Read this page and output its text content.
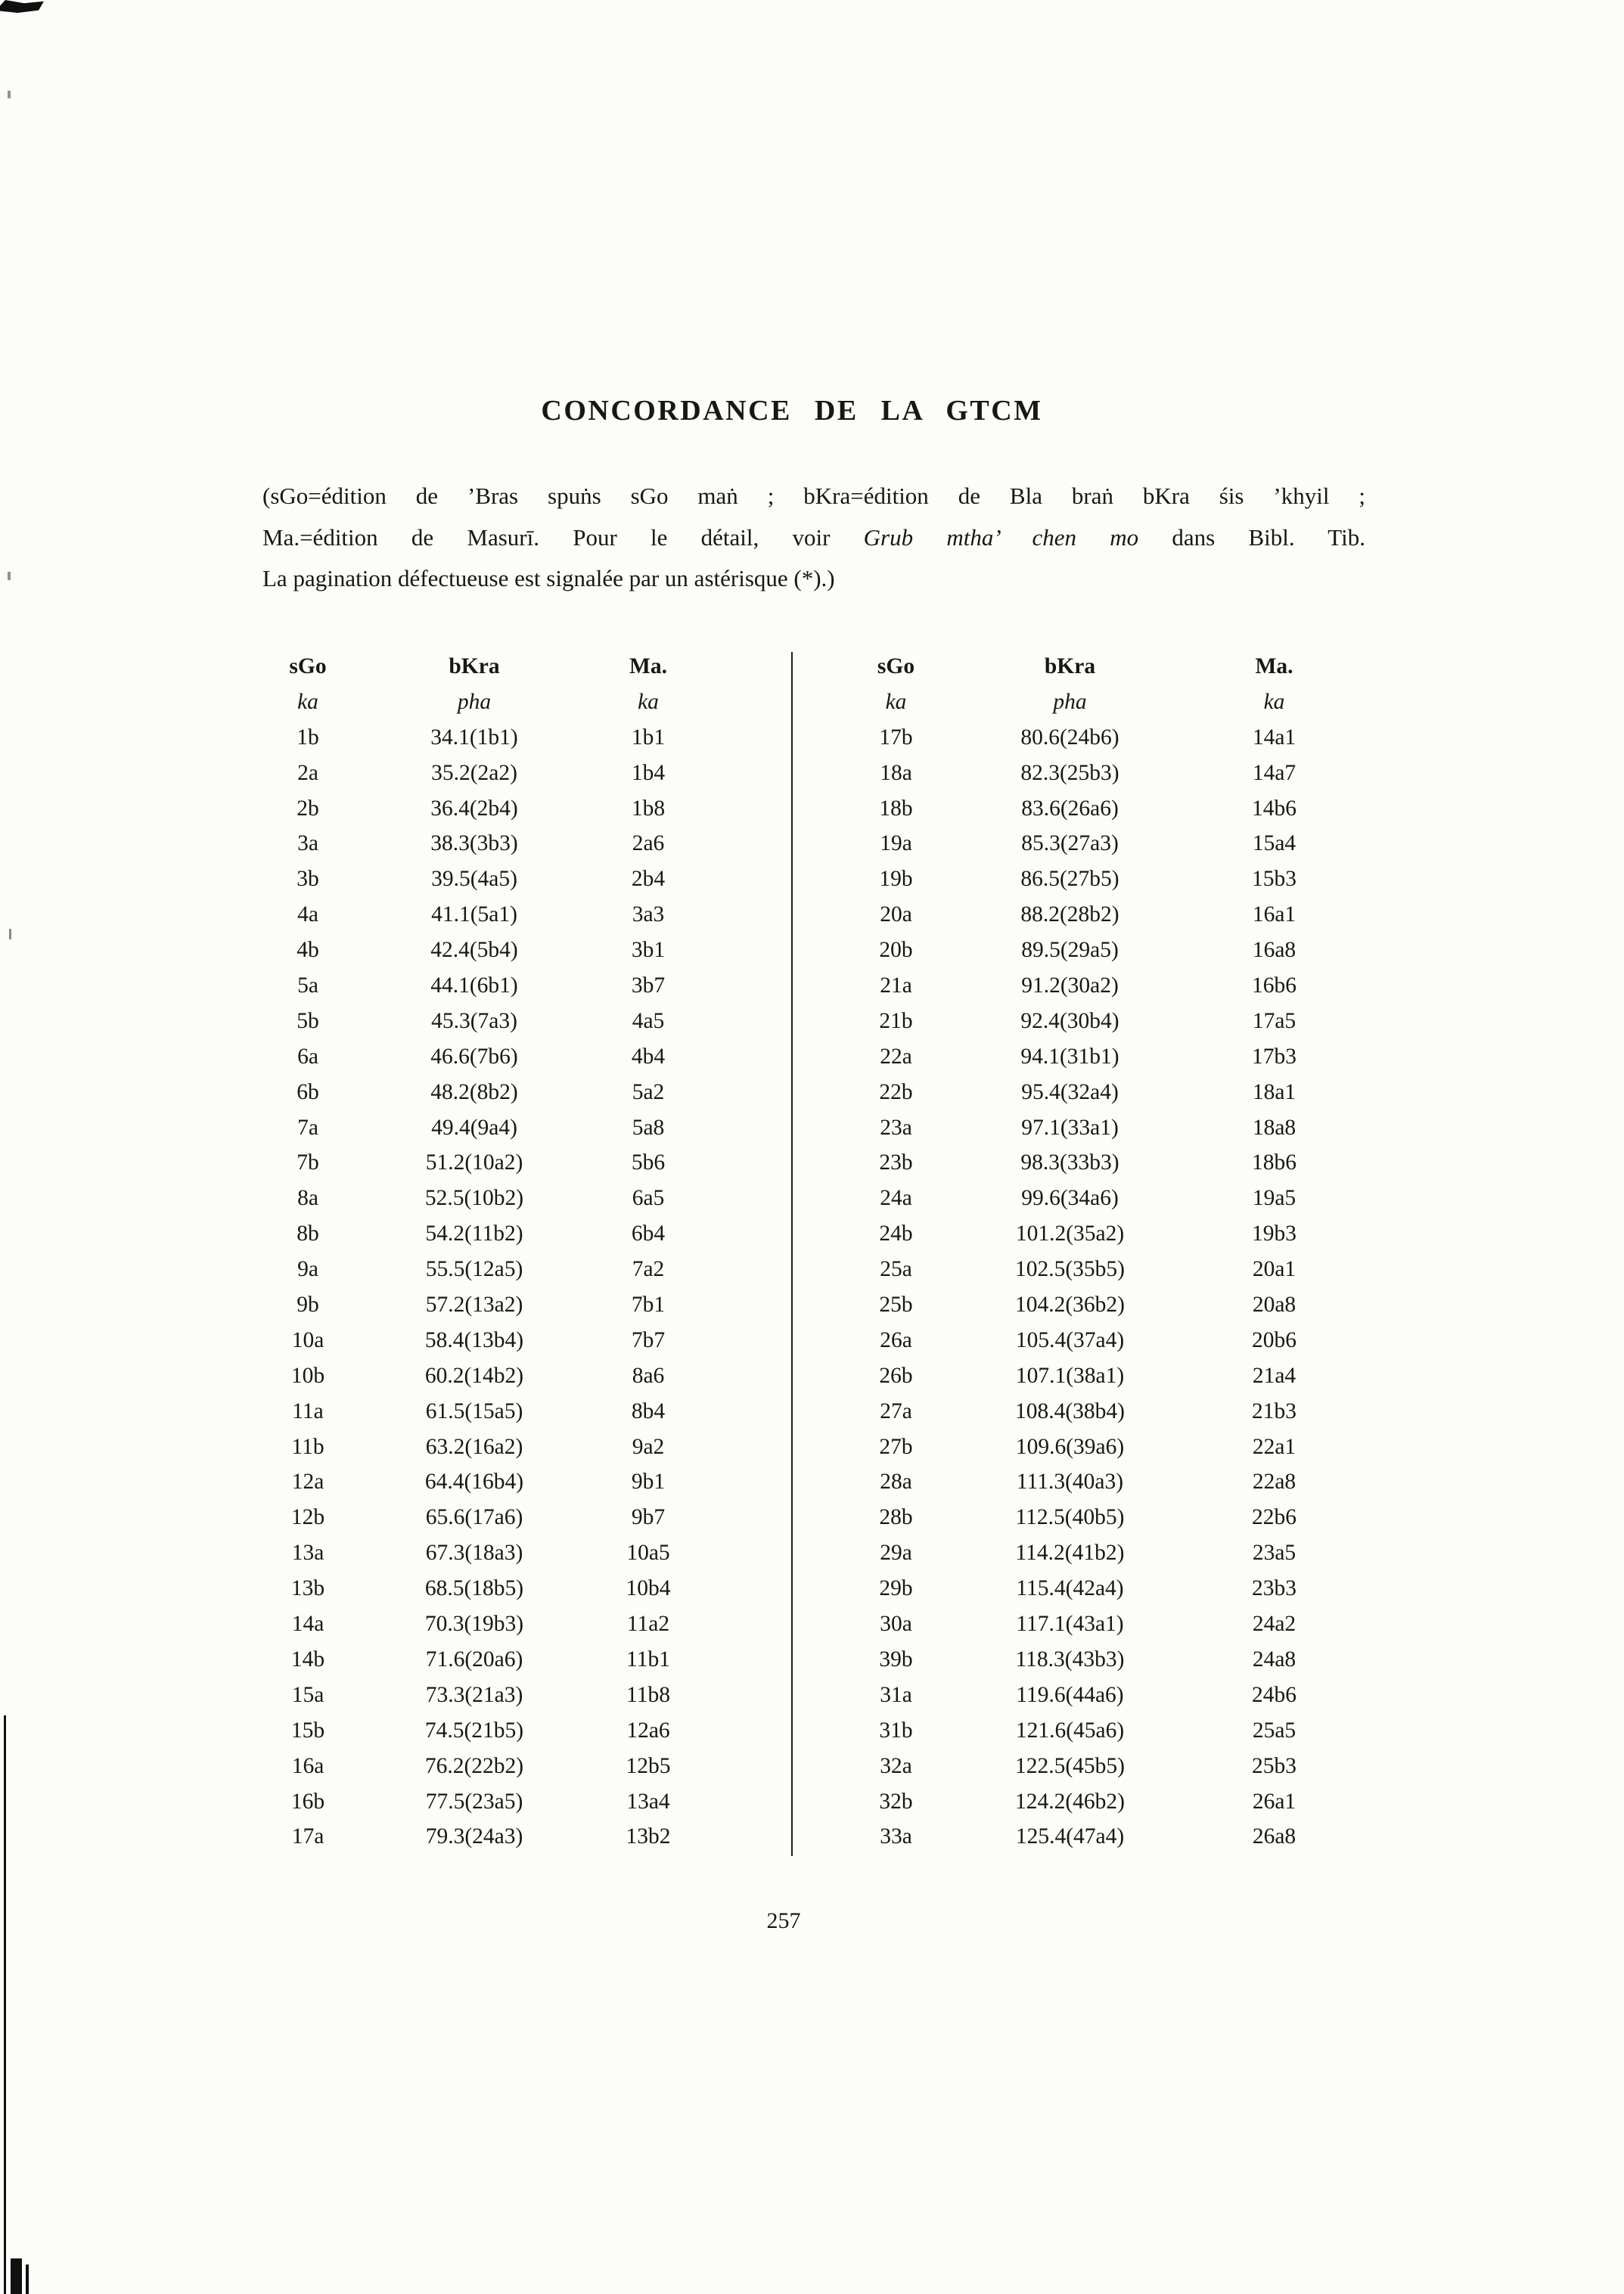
CONCORDANCE DE LA GTCM
(sGo=édition de ’Bras spuṅs sGo maṅ ; bKra=édition de Bla braṅ bKra śis ’khyil ;
Ma.=édition de Masurī. Pour le détail, voir Grub mtha’ chen mo dans Bibl. Tib.
La pagination défectueuse est signalée par un astérisque (*).)
sGo	bKra	Ma.
ka	pha	ka
1b	34.1(1b1)	1b1
2a	35.2(2a2)	1b4
2b	36.4(2b4)	1b8
3a	38.3(3b3)	2a6
3b	39.5(4a5)	2b4
4a	41.1(5a1)	3a3
4b	42.4(5b4)	3b1
5a	44.1(6b1)	3b7
5b	45.3(7a3)	4a5
6a	46.6(7b6)	4b4
6b	48.2(8b2)	5a2
7a	49.4(9a4)	5a8
7b	51.2(10a2)	5b6
8a	52.5(10b2)	6a5
8b	54.2(11b2)	6b4
9a	55.5(12a5)	7a2
9b	57.2(13a2)	7b1
10a	58.4(13b4)	7b7
10b	60.2(14b2)	8a6
11a	61.5(15a5)	8b4
11b	63.2(16a2)	9a2
12a	64.4(16b4)	9b1
12b	65.6(17a6)	9b7
13a	67.3(18a3)	10a5
13b	68.5(18b5)	10b4
14a	70.3(19b3)	11a2
14b	71.6(20a6)	11b1
15a	73.3(21a3)	11b8
15b	74.5(21b5)	12a6
16a	76.2(22b2)	12b5
16b	77.5(23a5)	13a4
17a	79.3(24a3)	13b2
sGo	bKra	Ma.
ka	pha	ka
17b	80.6(24b6)	14a1
18a	82.3(25b3)	14a7
18b	83.6(26a6)	14b6
19a	85.3(27a3)	15a4
19b	86.5(27b5)	15b3
20a	88.2(28b2)	16a1
20b	89.5(29a5)	16a8
21a	91.2(30a2)	16b6
21b	92.4(30b4)	17a5
22a	94.1(31b1)	17b3
22b	95.4(32a4)	18a1
23a	97.1(33a1)	18a8
23b	98.3(33b3)	18b6
24a	99.6(34a6)	19a5
24b	101.2(35a2)	19b3
25a	102.5(35b5)	20a1
25b	104.2(36b2)	20a8
26a	105.4(37a4)	20b6
26b	107.1(38a1)	21a4
27a	108.4(38b4)	21b3
27b	109.6(39a6)	22a1
28a	111.3(40a3)	22a8
28b	112.5(40b5)	22b6
29a	114.2(41b2)	23a5
29b	115.4(42a4)	23b3
30a	117.1(43a1)	24a2
39b	118.3(43b3)	24a8
31a	119.6(44a6)	24b6
31b	121.6(45a6)	25a5
32a	122.5(45b5)	25b3
32b	124.2(46b2)	26a1
33a	125.4(47a4)	26a8
257
